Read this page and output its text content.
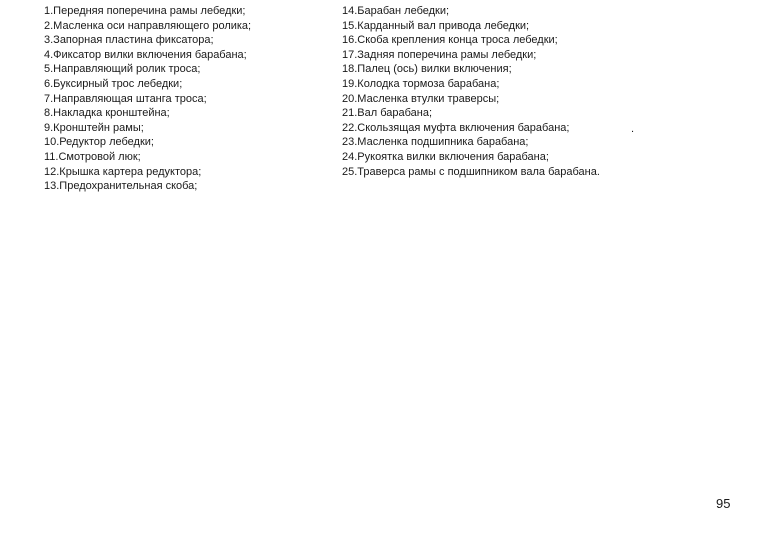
1.Передняя поперечина рамы лебедки;
2.Масленка оси направляющего ролика;
3.Запорная пластина фиксатора;
4.Фиксатор вилки включения барабана;
5.Направляющий ролик троса;
6.Буксирный трос лебедки;
7.Направляющая штанга троса;
8.Накладка кронштейна;
9.Кронштейн рамы;
10.Редуктор лебедки;
11.Смотровой люк;
12.Крышка картера редуктора;
13.Предохранительная скоба;
14.Барабан лебедки;
15.Карданный вал привода лебедки;
16.Скоба крепления конца троса лебедки;
17.Задняя поперечина рамы лебедки;
18.Палец (ось) вилки включения;
19.Колодка тормоза барабана;
20.Масленка втулки траверсы;
21.Вал барабана;
22.Скользящая муфта включения барабана;
23.Масленка подшипника барабана;
24.Рукоятка вилки включения барабана;
25.Траверса рамы с подшипником вала барабана.
.
95
